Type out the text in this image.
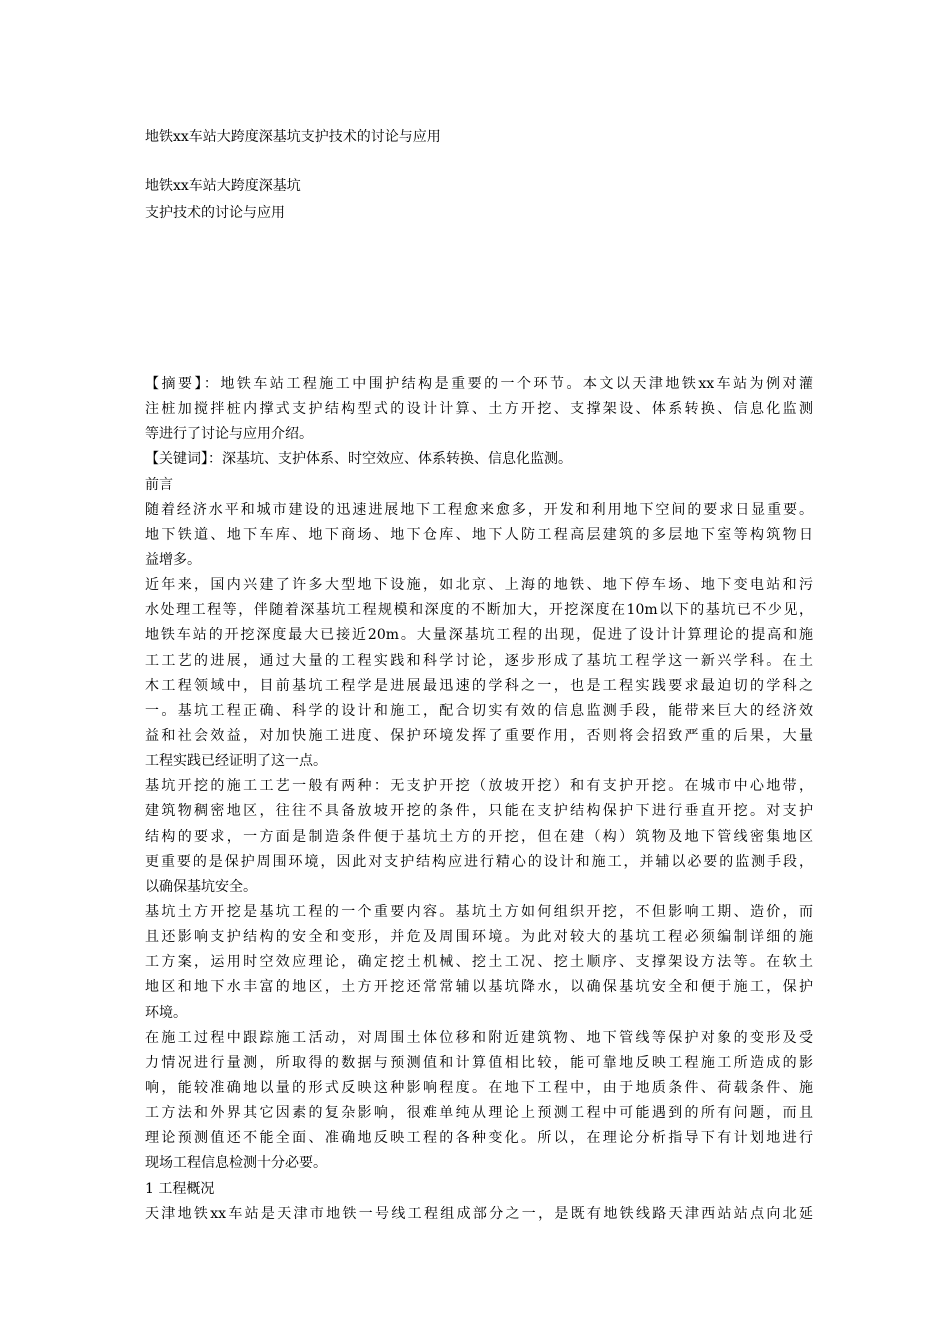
地铁xx车站大跨度深基坑支护技术的讨论与应用
地铁xx车站大跨度深基坑
支护技术的讨论与应用
【摘要】：地铁车站工程施工中围护结构是重要的一个环节。本文以天津地铁xx车站为例对灌
注桩加搅拌桩内撑式支护结构型式的设计计算、土方开挖、支撑架设、体系转换、信息化监测
等进行了讨论与应用介绍。
【关键词】：深基坑、支护体系、时空效应、体系转换、信息化监测。
前言
随着经济水平和城市建设的迅速进展地下工程愈来愈多，开发和利用地下空间的要求日显重要。
地下铁道、地下车库、地下商场、地下仓库、地下人防工程高层建筑的多层地下室等构筑物日
益增多。
近年来，国内兴建了许多大型地下设施，如北京、上海的地铁、地下停车场、地下变电站和污
水处理工程等，伴随着深基坑工程规模和深度的不断加大，开挖深度在10m以下的基坑已不少见，
地铁车站的开挖深度最大已接近20m。大量深基坑工程的出现，促进了设计计算理论的提高和施
工工艺的进展，通过大量的工程实践和科学讨论，逐步形成了基坑工程学这一新兴学科。在土
木工程领域中，目前基坑工程学是进展最迅速的学科之一，也是工程实践要求最迫切的学科之
一。基坑工程正确、科学的设计和施工，配合切实有效的信息监测手段，能带来巨大的经济效
益和社会效益，对加快施工进度、保护环境发挥了重要作用，否则将会招致严重的后果，大量
工程实践已经证明了这一点。
基坑开挖的施工工艺一般有两种：无支护开挖（放坡开挖）和有支护开挖。在城市中心地带，
建筑物稠密地区，往往不具备放坡开挖的条件，只能在支护结构保护下进行垂直开挖。对支护
结构的要求，一方面是制造条件便于基坑土方的开挖，但在建（构）筑物及地下管线密集地区
更重要的是保护周围环境，因此对支护结构应进行精心的设计和施工，并辅以必要的监测手段，
以确保基坑安全。
基坑土方开挖是基坑工程的一个重要内容。基坑土方如何组织开挖，不但影响工期、造价，而
且还影响支护结构的安全和变形，并危及周围环境。为此对较大的基坑工程必须编制详细的施
工方案，运用时空效应理论，确定挖土机械、挖土工况、挖土顺序、支撑架设方法等。在软土
地区和地下水丰富的地区，土方开挖还常常辅以基坑降水，以确保基坑安全和便于施工，保护
环境。
在施工过程中跟踪施工活动，对周围土体位移和附近建筑物、地下管线等保护对象的变形及受
力情况进行量测，所取得的数据与预测值和计算值相比较，能可靠地反映工程施工所造成的影
响，能较准确地以量的形式反映这种影响程度。在地下工程中，由于地质条件、荷载条件、施
工方法和外界其它因素的复杂影响，很难单纯从理论上预测工程中可能遇到的所有问题，而且
理论预测值还不能全面、准确地反映工程的各种变化。所以，在理论分析指导下有计划地进行
现场工程信息检测十分必要。
1 工程概况
天津地铁xx车站是天津市地铁一号线工程组成部分之一，是既有地铁线路天津西站站点向北延
